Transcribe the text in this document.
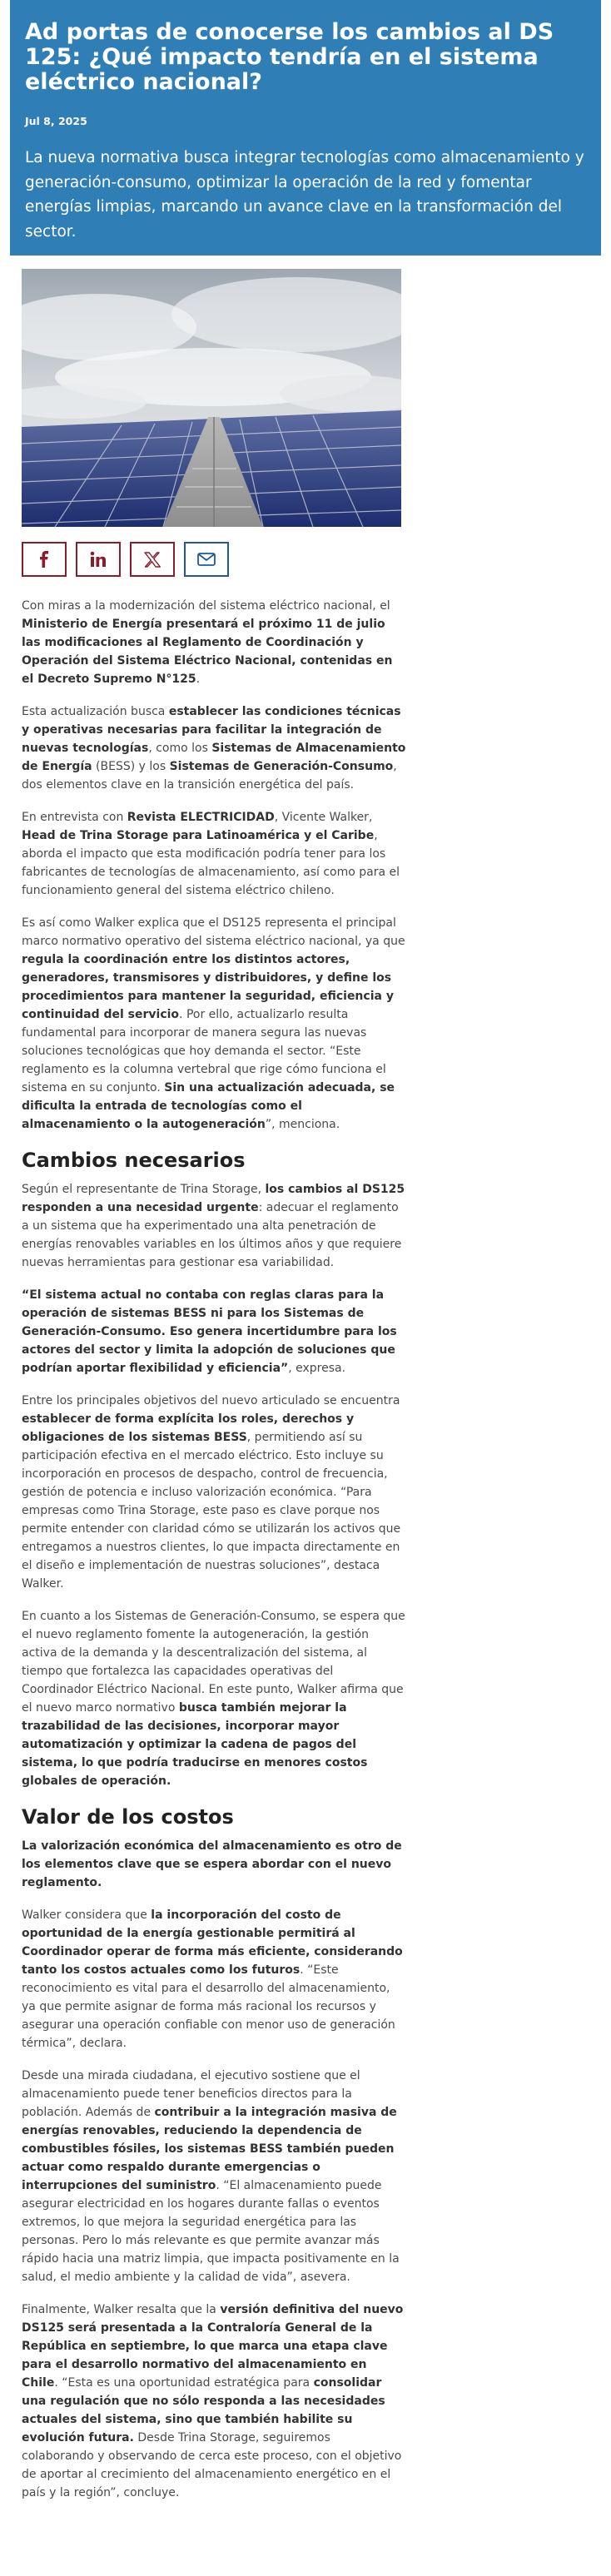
Ad portas de conocerse los cambios al DS 125: ¿Qué impacto tendría en el sistema eléctrico nacional?
Jul 8, 2025

La nueva normativa busca integrar tecnologías como almacenamiento y generación-consumo, optimizar la operación de la red y fomentar energías limpias, marcando un avance clave en la transformación del sector.

Con miras a la modernización del sistema eléctrico nacional, el Ministerio de Energía presentará el próximo 11 de julio las modificaciones al Reglamento de Coordinación y Operación del Sistema Eléctrico Nacional, contenidas en el Decreto Supremo N°125.

Esta actualización busca establecer las condiciones técnicas y operativas necesarias para facilitar la integración de nuevas tecnologías, como los Sistemas de Almacenamiento de Energía (BESS) y los Sistemas de Generación-Consumo, dos elementos clave en la transición energética del país.

En entrevista con Revista ELECTRICIDAD, Vicente Walker, Head de Trina Storage para Latinoamérica y el Caribe, aborda el impacto que esta modificación podría tener para los fabricantes de tecnologías de almacenamiento, así como para el funcionamiento general del sistema eléctrico chileno.

Es así como Walker explica que el DS125 representa el principal marco normativo operativo del sistema eléctrico nacional, ya que regula la coordinación entre los distintos actores, generadores, transmisores y distribuidores, y define los procedimientos para mantener la seguridad, eficiencia y continuidad del servicio. Por ello, actualizarlo resulta fundamental para incorporar de manera segura las nuevas soluciones tecnológicas que hoy demanda el sector. “Este reglamento es la columna vertebral que rige cómo funciona el sistema en su conjunto. Sin una actualización adecuada, se dificulta la entrada de tecnologías como el almacenamiento o la autogeneración”, menciona.

Cambios necesarios

Según el representante de Trina Storage, los cambios al DS125 responden a una necesidad urgente: adecuar el reglamento a un sistema que ha experimentado una alta penetración de energías renovables variables en los últimos años y que requiere nuevas herramientas para gestionar esa variabilidad.

“El sistema actual no contaba con reglas claras para la operación de sistemas BESS ni para los Sistemas de Generación-Consumo. Eso genera incertidumbre para los actores del sector y limita la adopción de soluciones que podrían aportar flexibilidad y eficiencia”, expresa.

Entre los principales objetivos del nuevo articulado se encuentra establecer de forma explícita los roles, derechos y obligaciones de los sistemas BESS, permitiendo así su participación efectiva en el mercado eléctrico. Esto incluye su incorporación en procesos de despacho, control de frecuencia, gestión de potencia e incluso valorización económica. “Para empresas como Trina Storage, este paso es clave porque nos permite entender con claridad cómo se utilizarán los activos que entregamos a nuestros clientes, lo que impacta directamente en el diseño e implementación de nuestras soluciones”, destaca Walker.

En cuanto a los Sistemas de Generación-Consumo, se espera que el nuevo reglamento fomente la autogeneración, la gestión activa de la demanda y la descentralización del sistema, al tiempo que fortalezca las capacidades operativas del Coordinador Eléctrico Nacional. En este punto, Walker afirma que el nuevo marco normativo busca también mejorar la trazabilidad de las decisiones, incorporar mayor automatización y optimizar la cadena de pagos del sistema, lo que podría traducirse en menores costos globales de operación.

Valor de los costos

La valorización económica del almacenamiento es otro de los elementos clave que se espera abordar con el nuevo reglamento.

Walker considera que la incorporación del costo de oportunidad de la energía gestionable permitirá al Coordinador operar de forma más eficiente, considerando tanto los costos actuales como los futuros. “Este reconocimiento es vital para el desarrollo del almacenamiento, ya que permite asignar de forma más racional los recursos y asegurar una operación confiable con menor uso de generación térmica”, declara.

Desde una mirada ciudadana, el ejecutivo sostiene que el almacenamiento puede tener beneficios directos para la población. Además de contribuir a la integración masiva de energías renovables, reduciendo la dependencia de combustibles fósiles, los sistemas BESS también pueden actuar como respaldo durante emergencias o interrupciones del suministro. “El almacenamiento puede asegurar electricidad en los hogares durante fallas o eventos extremos, lo que mejora la seguridad energética para las personas. Pero lo más relevante es que permite avanzar más rápido hacia una matriz limpia, que impacta positivamente en la salud, el medio ambiente y la calidad de vida”, asevera.

Finalmente, Walker resalta que la versión definitiva del nuevo DS125 será presentada a la Contraloría General de la República en septiembre, lo que marca una etapa clave para el desarrollo normativo del almacenamiento en Chile. “Esta es una oportunidad estratégica para consolidar una regulación que no sólo responda a las necesidades actuales del sistema, sino que también habilite su evolución futura. Desde Trina Storage, seguiremos colaborando y observando de cerca este proceso, con el objetivo de aportar al crecimiento del almacenamiento energético en el país y la región”, concluye.
